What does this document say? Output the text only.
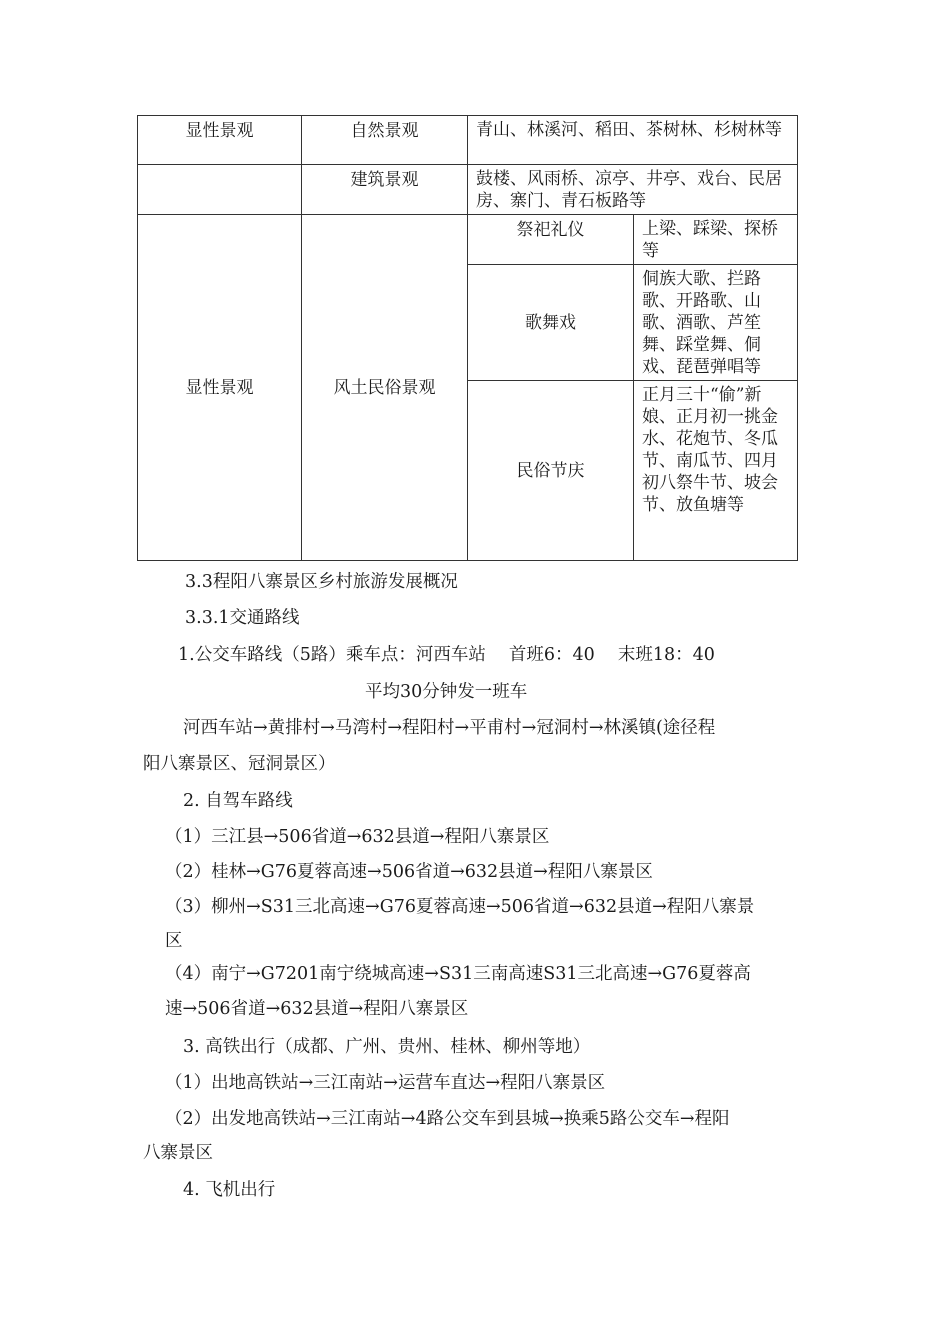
显性景观	自然景观	青山、林溪河、稻田、茶树林、杉树林等	

	建筑景观	鼓楼、风雨桥、凉亭、井亭、戏台、民居房、寨门、青石板路等	
显性景观	风土民俗景观	祭祀礼仪	上梁、踩梁、探桥等
		歌舞戏	侗族大歌、拦路歌、开路歌、山歌、酒歌、芦笙舞、踩堂舞、侗戏、琵琶弹唱等
		民俗节庆	正月三十“偷”新娘、正月初一挑金水、花炮节、冬瓜节、南瓜节、四月初八祭牛节、坡会节、放鱼塘等
3.3程阳八寨景区乡村旅游发展概况
3.3.1交通路线
1.公交车路线（5路）乘车点：河西车站　 首班6：40　 末班18：40
平均30分钟发一班车
河西车站→黄排村→马湾村→程阳村→平甫村→冠洞村→林溪镇(途径程
阳八寨景区、冠洞景区）
2. 自驾车路线
（1）三江县→506省道→632县道→程阳八寨景区
（2）桂林→G76夏蓉高速→506省道→632县道→程阳八寨景区
（3）柳州→S31三北高速→G76夏蓉高速→506省道→632县道→程阳八寨景
区
（4）南宁→G7201南宁绕城高速→S31三南高速S31三北高速→G76夏蓉高
速→506省道→632县道→程阳八寨景区
3. 高铁出行（成都、广州、贵州、桂林、柳州等地）
（1）出地高铁站→三江南站→运营车直达→程阳八寨景区
（2）出发地高铁站→三江南站→4路公交车到县城→换乘5路公交车→程阳
八寨景区
4. 飞机出行
